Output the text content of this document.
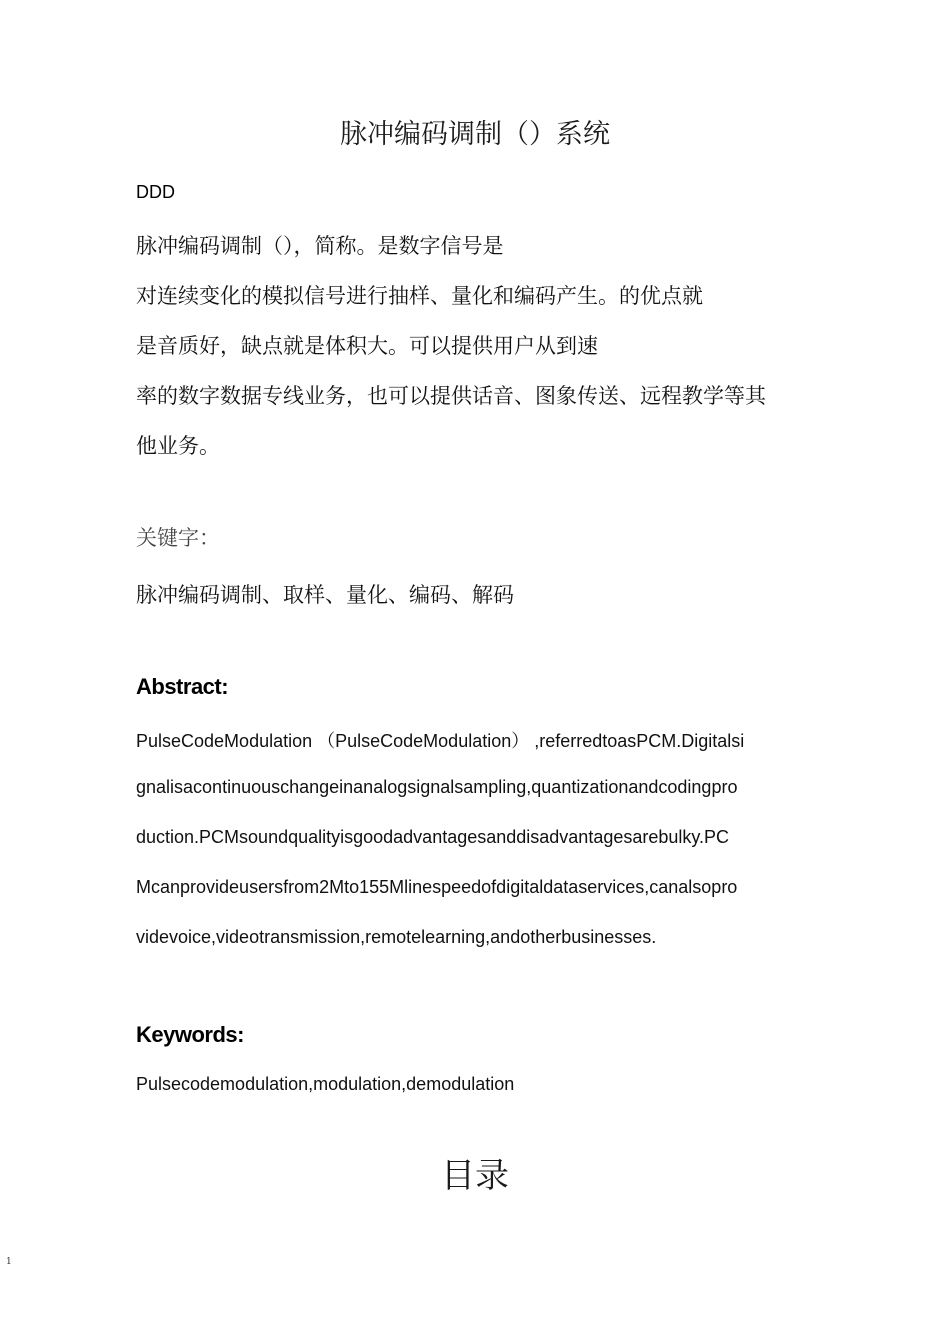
脉冲编码调制（）系统
DDD
脉冲编码调制（），简称。是数字信号是
对连续变化的模拟信号进行抽样、量化和编码产生。的优点就
是音质好，缺点就是体积大。可以提供用户从到速
率的数字数据专线业务，也可以提供话音、图象传送、远程教学等其
他业务。
关键字：
脉冲编码调制、取样、量化、编码、解码
Abstract:
PulseCodeModulation （PulseCodeModulation） ,referredtoasPCM.Digitalsi
gnalisacontinuouschangeinanalogsignalsampling,quantizationandcodingpro
duction.PCMsoundqualityisgoodadvantagesanddisadvantagesarebulky.PC
Mcanprovideusersfrom2Mto155Mlinespeedofdigitaldataservices,canalsopro
videvoice,videotransmission,remotelearning,andotherbusinesses.
Keywords:
Pulsecodemodulation,modulation,demodulation
目录
1
